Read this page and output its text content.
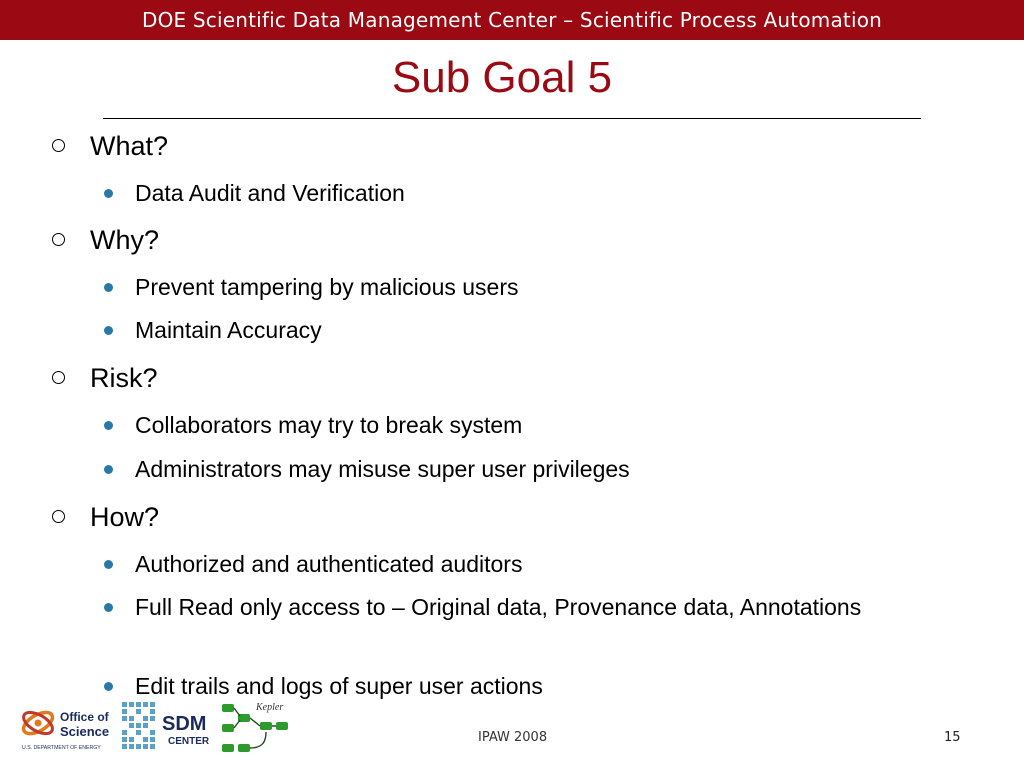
DOE Scientific Data Management Center – Scientific Process Automation
Sub Goal 5
What?
Data Audit and Verification
Why?
Prevent tampering by malicious users
Maintain Accuracy
Risk?
Collaborators may try to break system
Administrators may misuse super user privileges
How?
Authorized and authenticated auditors
Full Read only access to – Original data, Provenance data, Annotations
Edit trails and logs of super user actions
Office of
Science
U.S. DEPARTMENT OF ENERGY
SDM
CENTER
Kepler
IPAW 2008	15
